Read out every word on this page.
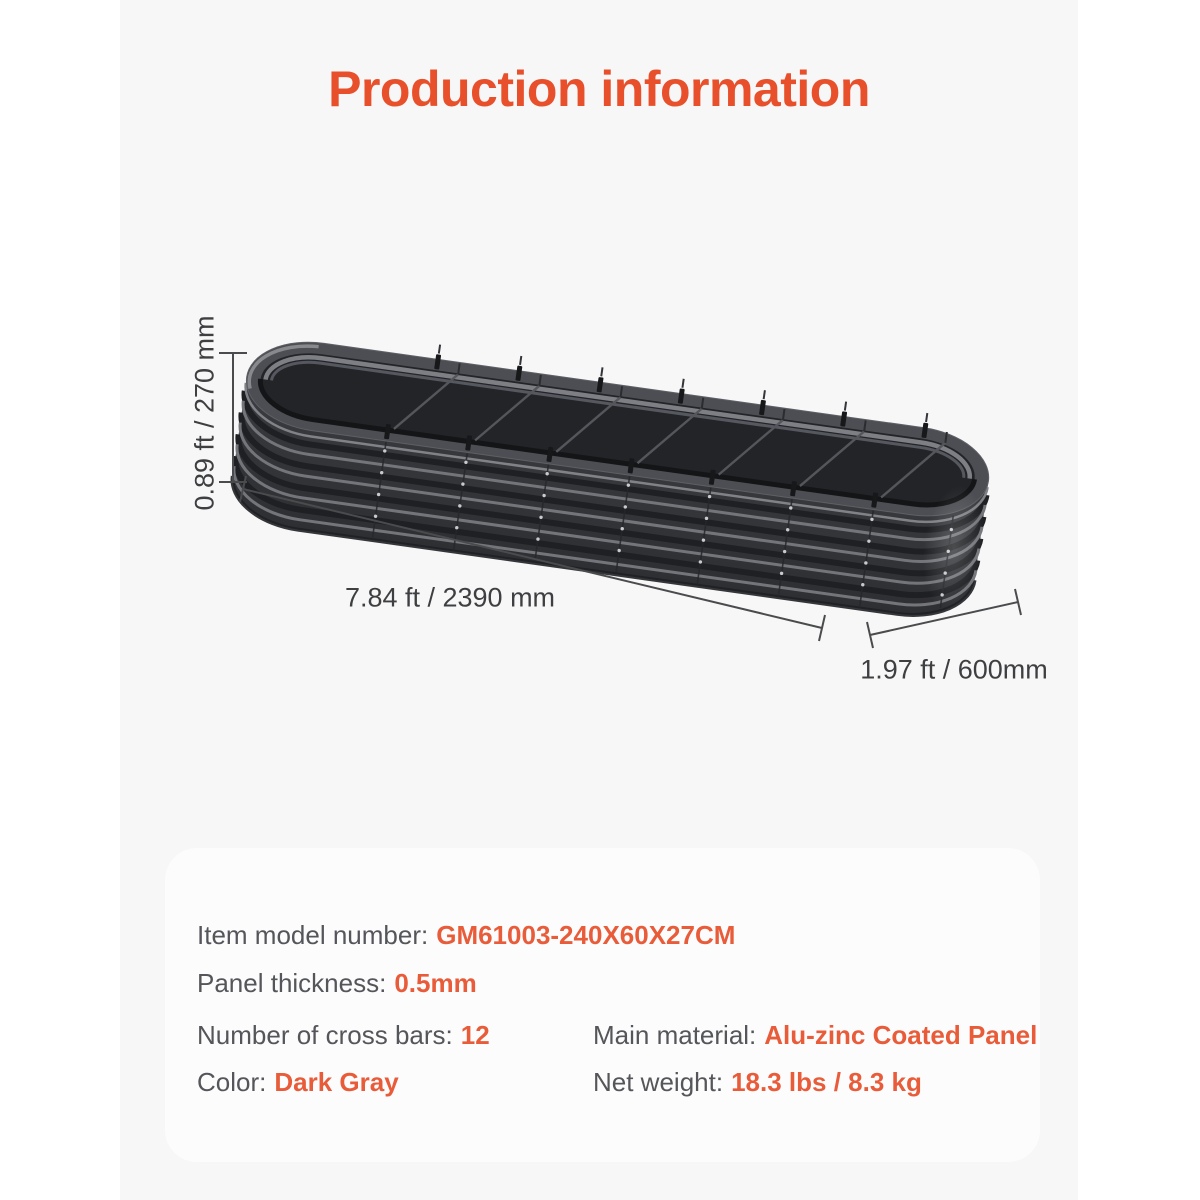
Production information
0.89 ft / 270 mm
7.84 ft / 2390 mm
1.97 ft / 600mm
Item model number: GM61003-240X60X27CM
Panel thickness: 0.5mm
Number of cross bars: 12	Main material: Alu-zinc Coated Panel
Color: Dark Gray	Net weight: 18.3 lbs / 8.3 kg
